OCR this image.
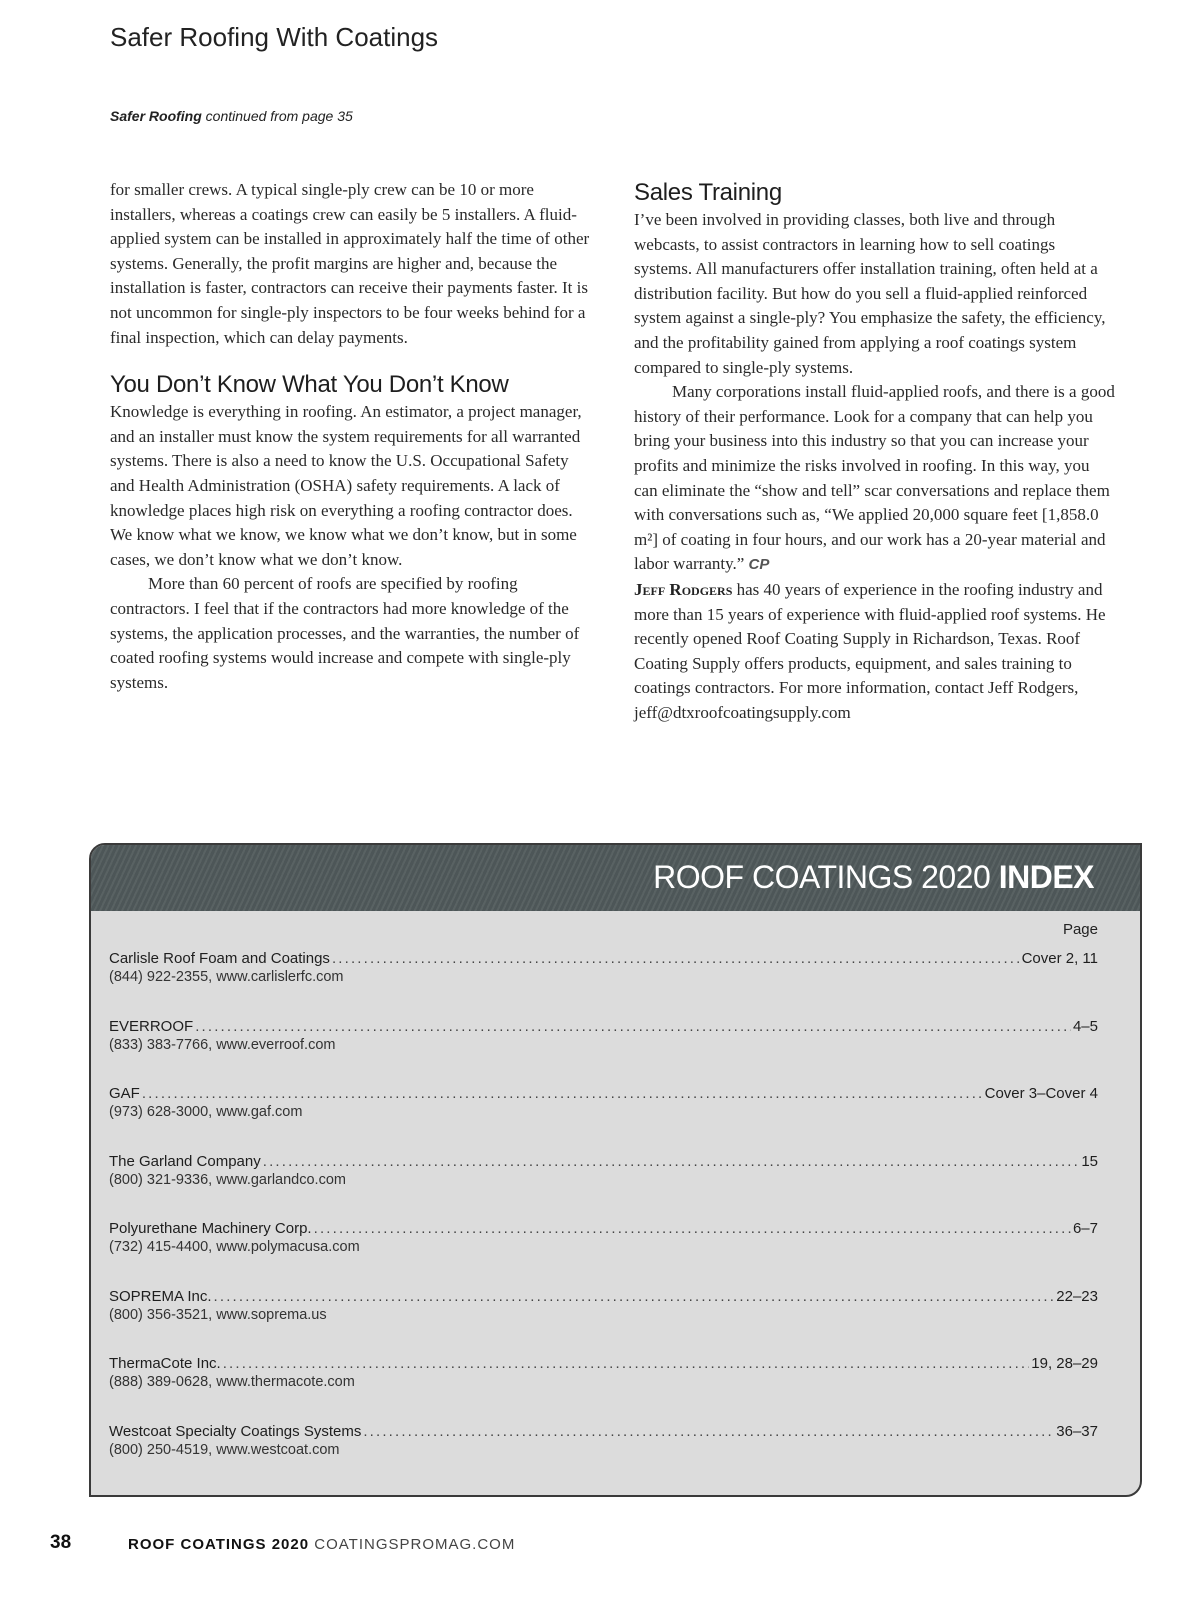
Safer Roofing With Coatings
Safer Roofing continued from page 35

for smaller crews. A typical single-ply crew can be 10 or more installers, whereas a coatings crew can easily be 5 installers. A fluid-applied system can be installed in approximately half the time of other systems. Generally, the profit margins are higher and, because the installation is faster, contractors can receive their payments faster. It is not uncommon for single-ply inspectors to be four weeks behind for a final inspection, which can delay payments.

You Don’t Know What You Don’t Know

Knowledge is everything in roofing. An estimator, a project manager, and an installer must know the system requirements for all warranted systems. There is also a need to know the U.S. Occupational Safety and Health Administration (OSHA) safety requirements. A lack of knowledge places high risk on everything a roofing contractor does. We know what we know, we know what we don’t know, but in some cases, we don’t know what we don’t know.

More than 60 percent of roofs are specified by roofing contractors. I feel that if the contractors had more knowledge of the systems, the application processes, and the warranties, the number of coated roofing systems would increase and compete with single-ply systems.

Sales Training

I’ve been involved in providing classes, both live and through webcasts, to assist contractors in learning how to sell coatings systems. All manufacturers offer installation training, often held at a distribution facility. But how do you sell a fluid-applied reinforced system against a single-ply? You emphasize the safety, the efficiency, and the profitability gained from applying a roof coatings system compared to single-ply systems.

Many corporations install fluid-applied roofs, and there is a good history of their performance. Look for a company that can help you bring your business into this industry so that you can increase your profits and minimize the risks involved in roofing. In this way, you can eliminate the “show and tell” scar conversations and replace them with conversations such as, “We applied 20,000 square feet [1,858.0 m²] of coating in four hours, and our work has a 20-year material and labor warranty.” CP

Jeff Rodgers has 40 years of experience in the roofing industry and more than 15 years of experience with fluid-applied roof systems. He recently opened Roof Coating Supply in Richardson, Texas. Roof Coating Supply offers products, equipment, and sales training to coatings contractors. For more information, contact Jeff Rodgers, jeff@dtxroofcoatingsupply.com

ROOF COATINGS 2020 INDEX
Page
Carlisle Roof Foam and Coatings . . .	Cover 2, 11
(844) 922-2355, www.carlislerfc.com
EVERROOF . . .	4–5
(833) 383-7766, www.everroof.com
GAF . . .	Cover 3–Cover 4
(973) 628-3000, www.gaf.com
The Garland Company . . .	15
(800) 321-9336, www.garlandco.com
Polyurethane Machinery Corp. . . .	6–7
(732) 415-4400, www.polymacusa.com
SOPREMA Inc. . . .	22–23
(800) 356-3521, www.soprema.us
ThermaCote Inc. . . .	19, 28–29
(888) 389-0628, www.thermacote.com
Westcoat Specialty Coatings Systems . . .	36–37
(800) 250-4519, www.westcoat.com
38	ROOF COATINGS 2020 COATINGSPROMAG.COM
